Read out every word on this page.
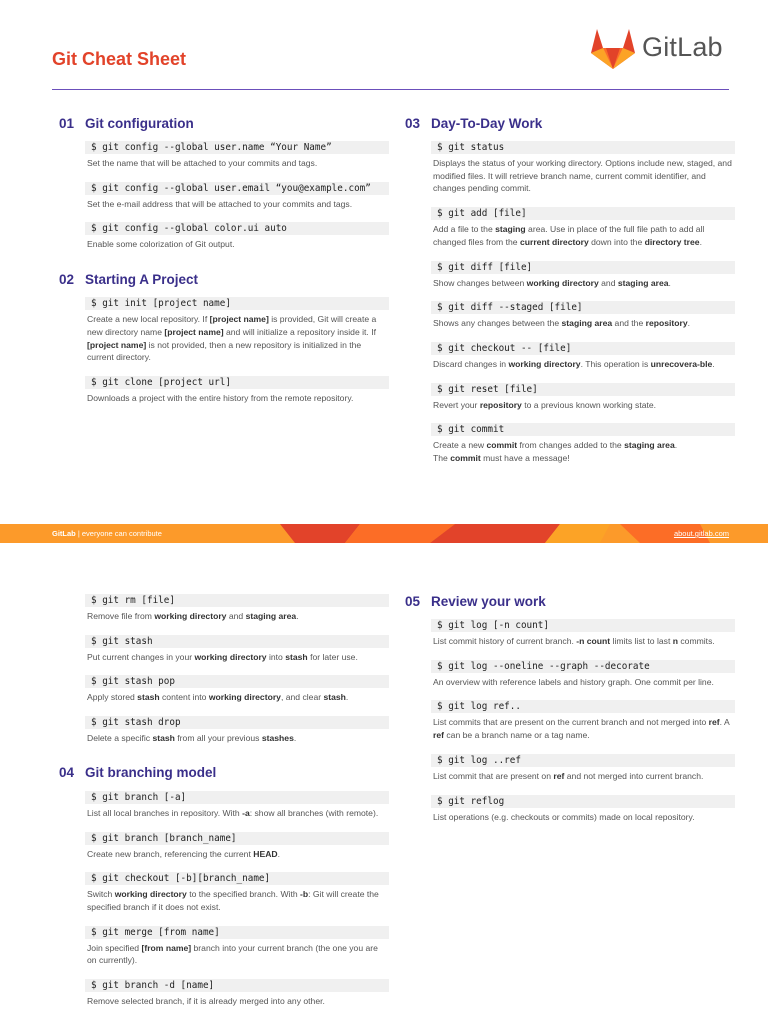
Git Cheat Sheet	GitLab
01 Git configuration
$ git config --global user.name “Your Name”
Set the name that will be attached to your commits and tags.
$ git config --global user.email “you@example.com”
Set the e-mail address that will be attached to your commits and tags.
$ git config --global color.ui auto
Enable some colorization of Git output.
02 Starting A Project
$ git init [project name]
Create a new local repository. If [project name] is provided, Git will create a new directory name [project name] and will initialize a repository inside it. If [project name] is not provided, then a new repository is initialized in the current directory.
$ git clone [project url]
Downloads a project with the entire history from the remote repository.
03 Day-To-Day Work
$ git status
Displays the status of your working directory. Options include new, staged, and modified files. It will retrieve branch name, current commit identifier, and changes pending commit.
$ git add [file]
Add a file to the staging area. Use in place of the full file path to add all changed files from the current directory down into the directory tree.
$ git diff [file]
Show changes between working directory and staging area.
$ git diff --staged [file]
Shows any changes between the staging area and the repository.
$ git checkout -- [file]
Discard changes in working directory. This operation is unrecovera-ble.
$ git reset [file]
Revert your repository to a previous known working state.
$ git commit
Create a new commit from changes added to the staging area.
The commit must have a message!
GitLab | everyone can contribute	about.gitlab.com
$ git rm [file]
Remove file from working directory and staging area.
$ git stash
Put current changes in your working directory into stash for later use.
$ git stash pop
Apply stored stash content into working directory, and clear stash.
$ git stash drop
Delete a specific stash from all your previous stashes.
04 Git branching model
$ git branch [-a]
List all local branches in repository. With -a: show all branches (with remote).
$ git branch [branch_name]
Create new branch, referencing the current HEAD.
$ git checkout [-b][branch_name]
Switch working directory to the specified branch. With -b: Git will create the specified branch if it does not exist.
$ git merge [from name]
Join specified [from name] branch into your current branch (the one you are on currently).
$ git branch -d [name]
Remove selected branch, if it is already merged into any other.
05 Review your work
$ git log [-n count]
List commit history of current branch. -n count limits list to last n commits.
$ git log --oneline --graph --decorate
An overview with reference labels and history graph. One commit per line.
$ git log ref..
List commits that are present on the current branch and not merged into ref. A ref can be a branch name or a tag name.
$ git log ..ref
List commit that are present on ref and not merged into current branch.
$ git reflog
List operations (e.g. checkouts or commits) made on local repository.
